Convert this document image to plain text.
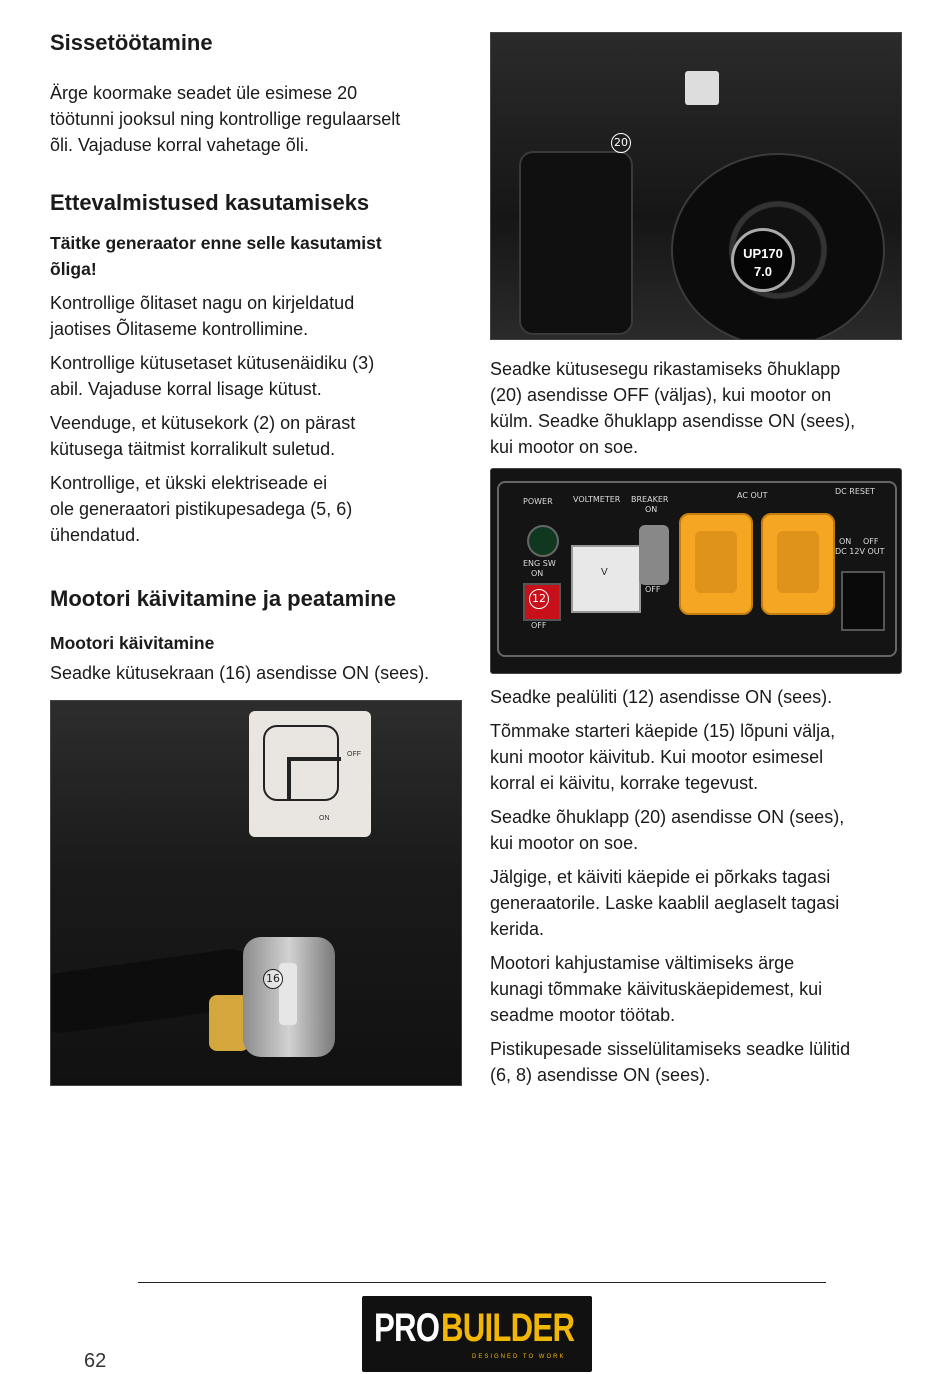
Sissetöötamine

Ärge koormake seadet üle esimese 20
töötunni jooksul ning kontrollige regulaarselt
õli. Vajaduse korral vahetage õli.

Ettevalmistused kasutamiseks
Täitke generaator enne selle kasutamist
õliga!

Kontrollige õlitaset nagu on kirjeldatud
jaotises Õlitaseme kontrollimine.

Kontrollige kütusetaset kütusenäidiku (3)
abil. Vajaduse korral lisage kütust.

Veenduge, et kütusekork (2) on pärast
kütusega täitmist korralikult suletud.

Kontrollige, et ükski elektriseade ei
ole generaatori pistikupesadega (5, 6)
ühendatud.

Mootori käivitamine ja peatamine
Mootori käivitamine

Seadke kütusekraan (16) asendisse ON (sees).

OFF
ON
16
UP170
7.0
20

Seadke kütusesegu rikastamiseks õhuklapp
(20) asendisse OFF (väljas), kui mootor on
külm. Seadke õhuklapp asendisse ON (sees),
kui mootor on soe.

POWER	VOLTMETER BREAKER
ON
OFF
AC OUT	DC RESET
ON OFF
DC 12V OUT
ENG SW
ON
OFF
12
V

Seadke pealüliti (12) asendisse ON (sees).

Tõmmake starteri käepide (15) lõpuni välja,
kuni mootor käivitub. Kui mootor esimesel
korral ei käivitu, korrake tegevust.

Seadke õhuklapp (20) asendisse ON (sees),
kui mootor on soe.

Jälgige, et käiviti käepide ei põrkaks tagasi
generaatorile. Laske kaablil aeglaselt tagasi
kerida.

Mootori kahjustamise vältimiseks ärge
kunagi tõmmake käivituskäepidemest, kui
seadme mootor töötab.

Pistikupesade sisselülitamiseks seadke lülitid
(6, 8) asendisse ON (sees).

PRO BUILDER
DESIGNED TO WORK
62
